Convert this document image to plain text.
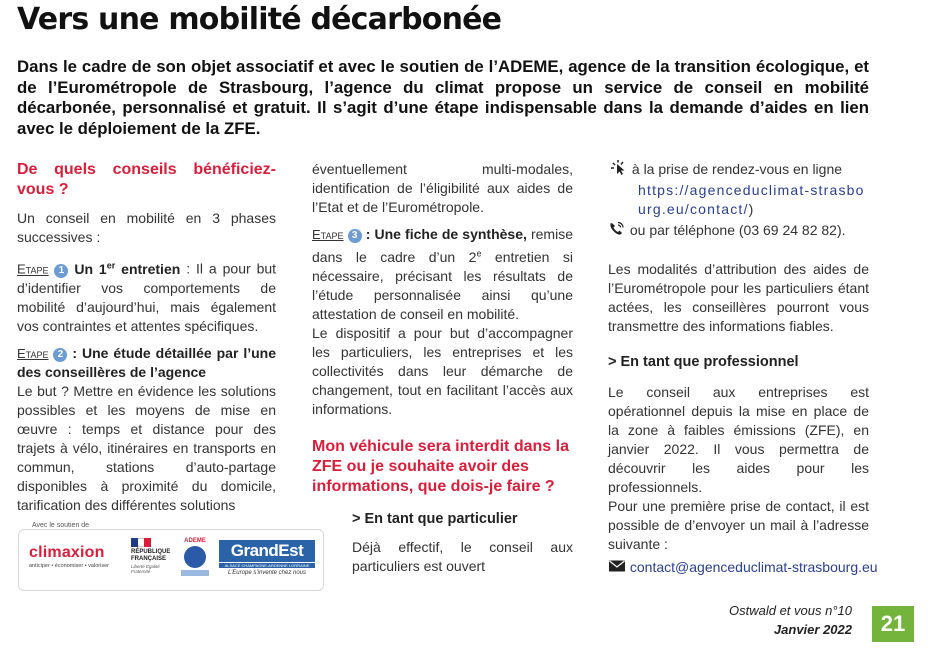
Vers une mobilité décarbonée

Dans le cadre de son objet associatif et avec le soutien de l’ADEME, agence de la transition écologique, et de l’Eurométropole de Strasbourg, l’agence du climat propose un service de conseil en mobilité décarbonée, personnalisé et gratuit. Il s’agit d’une étape indispensable dans la demande d’aides en lien avec le déploiement de la ZFE.

De quels conseils bénéficiez-vous ?

Un conseil en mobilité en 3 phases successives :

Etape 1 Un 1er entretien : Il a pour but d’identifier vos comportements de mobilité d’aujourd’hui, mais également vos contraintes et attentes spécifiques.

Etape 2 : Une étude détaillée par l’une des conseillères de l’agence

Le but ? Mettre en évidence les solutions possibles et les moyens de mise en œuvre : temps et distance pour des trajets à vélo, itinéraires en transports en commun, stations d’auto-partage disponibles à proximité du domicile, tarification des différentes solutions

éventuellement multi-modales, identification de l’éligibilité aux aides de l’Etat et de l’Eurométropole.

Etape 3 : Une fiche de synthèse, remise dans le cadre d’un 2e entretien si nécessaire, précisant les résultats de l’étude personnalisée ainsi qu’une attestation de conseil en mobilité.

Le dispositif a pour but d’accompagner les particuliers, les entreprises et les collectivités dans leur démarche de changement, tout en facilitant l’accès aux informations.

Mon véhicule sera interdit dans la ZFE ou je souhaite avoir des informations, que dois-je faire ?

> En tant que particulier

Déjà effectif, le conseil aux particuliers est ouvert

à la prise de rendez-vous en ligne

https://agenceduclimat-strasbourg.eu/contact/)

ou par téléphone (03 69 24 82 82).

Les modalités d’attribution des aides de l’Eurométropole pour les particuliers étant actées, les conseillères pourront vous transmettre des informations fiables.

> En tant que professionnel

Le conseil aux entreprises est opérationnel depuis la mise en place de la zone à faibles émissions (ZFE), en janvier 2022. Il vous permettra de découvrir les aides pour les professionnels.

Pour une première prise de contact, il est possible de d’envoyer un mail à l’adresse suivante :

contact@agenceduclimat-strasbourg.eu

Avec le soutien de
climaxion
anticiper • économiser • valoriser
RÉPUBLIQUE FRANÇAISE
Liberté Égalité Fraternité
ADEME	GrandEst
ALSACE CHAMPAGNE-ARDENNE LORRAINE
L’Europe s’invente chez nous
Ostwald et vous n°10
Janvier 2022	21
